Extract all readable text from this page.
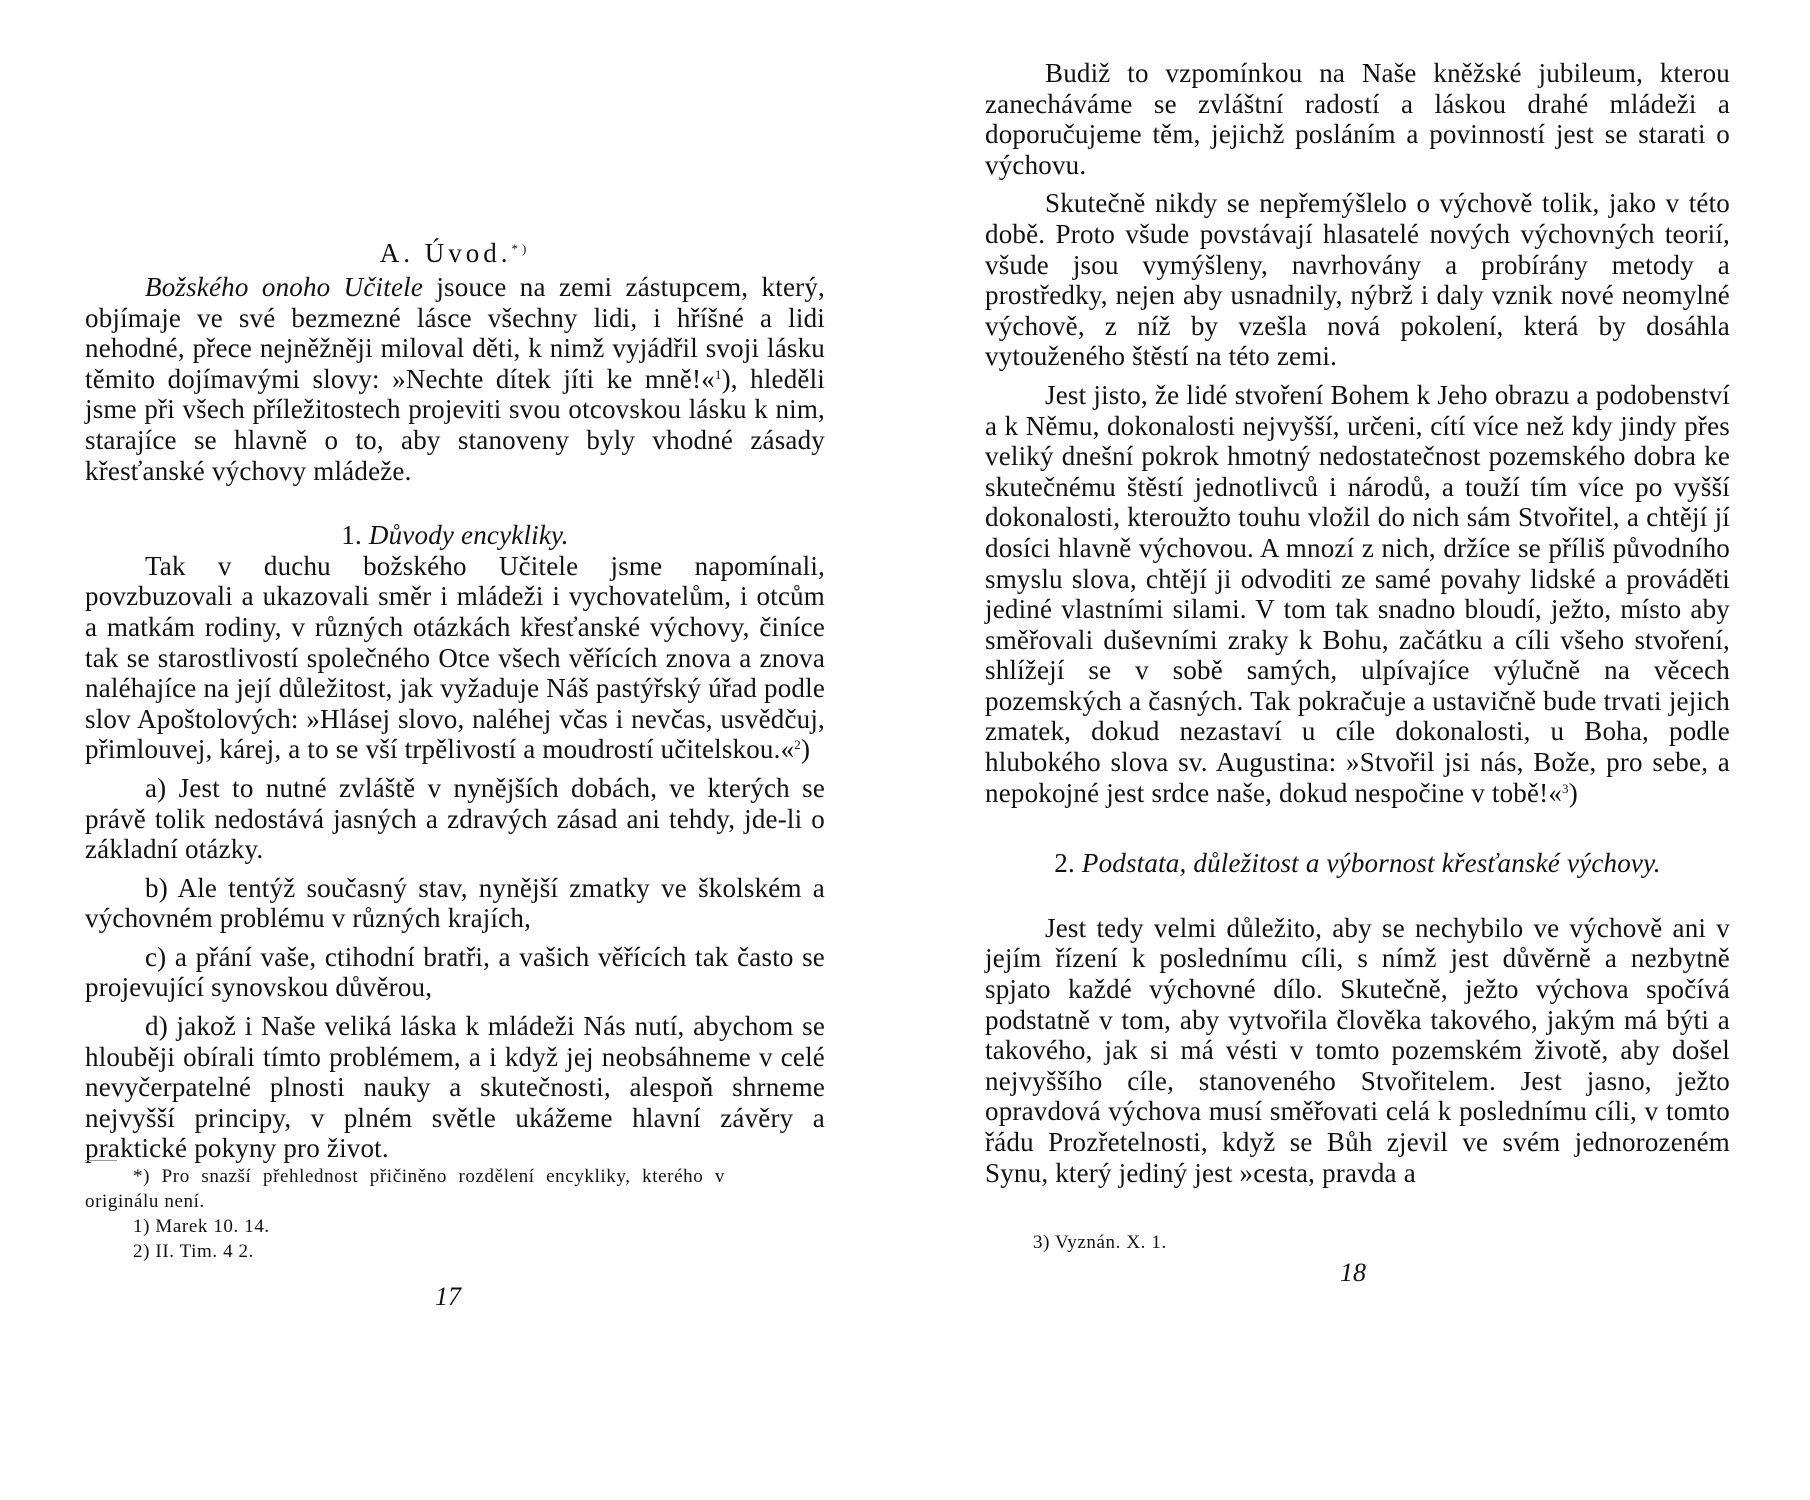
A. Úvod.*)

Božského onoho Učitele jsouce na zemi zástupcem, který, objímaje ve své bezmezné lásce všechny lidi, i hříšné a lidi nehodné, přece nejněžněji miloval děti, k nimž vyjádřil svoji lásku těmito dojímavými slovy: »Nechte dítek jíti ke mně!«$^1$), hleděli jsme při všech příležitostech projeviti svou otcovskou lásku k nim, starajíce se hlavně o to, aby stanoveny byly vhodné zásady křesťanské výchovy mládeže.

1. Důvody encykliky.

Tak v duchu božského Učitele jsme napomínali, povzbuzovali a ukazovali směr i mládeži i vychovatelům, i otcům a matkám rodiny, v různých otázkách křesťanské výchovy, činíce tak se starostlivostí společného Otce všech věřících znova a znova naléhajíce na její důležitost, jak vyžaduje Náš pastýřský úřad podle slov Apoštolových: »Hlásej slovo, naléhej včas i nevčas, usvědčuj, přimlouvej, kárej, a to se vší trpělivostí a moudrostí učitelskou.«$^2$)

a) Jest to nutné zvláště v nynějších dobách, ve kterých se právě tolik nedostává jasných a zdravých zásad ani tehdy, jde-li o základní otázky.

b) Ale tentýž současný stav, nynější zmatky ve školském a výchovném problému v různých krajích,

c) a přání vaše, ctihodní bratři, a vašich věřících tak často se projevující synovskou důvěrou,

d) jakož i Naše veliká láska k mládeži Nás nutí, abychom se hlouběji obírali tímto problémem, a i když jej neobsáhneme v celé nevyčerpatelné plnosti nauky a skutečnosti, alespoň shrneme nejvyšší principy, v plném světle ukážeme hlavní závěry a praktické pokyny pro život.

*) Pro snazší přehlednost přičiněno rozdělení encykliky, kterého v originálu není.
1) Marek 10. 14.
2) II. Tim. 4 2.
17

Budiž to vzpomínkou na Naše kněžské jubileum, kterou zanecháváme se zvláštní radostí a láskou drahé mládeži a doporučujeme těm, jejichž posláním a povinností jest se starati o výchovu.

Skutečně nikdy se nepřemýšlelo o výchově tolik, jako v této době. Proto všude povstávají hlasatelé nových výchovných teorií, všude jsou vymýšleny, navrhovány a probírány metody a prostředky, nejen aby usnadnily, nýbrž i daly vznik nové neomylné výchově, z níž by vzešla nová pokolení, která by dosáhla vytouženého štěstí na této zemi.

Jest jisto, že lidé stvoření Bohem k Jeho obrazu a podobenství a k Němu, dokonalosti nejvyšší, určeni, cítí více než kdy jindy přes veliký dnešní pokrok hmotný nedostatečnost pozemského dobra ke skutečnému štěstí jednotlivců i národů, a touží tím více po vyšší dokonalosti, kteroužto touhu vložil do nich sám Stvořitel, a chtějí jí dosíci hlavně výchovou. A mnozí z nich, držíce se příliš původního smyslu slova, chtějí ji odvoditi ze samé povahy lidské a prováděti jediné vlastními silami. V tom tak snadno bloudí, ježto, místo aby směřovali duševními zraky k Bohu, začátku a cíli všeho stvoření, shlížejí se v sobě samých, ulpívajíce výlučně na věcech pozemských a časných. Tak pokračuje a ustavičně bude trvati jejich zmatek, dokud nezastaví u cíle dokonalosti, u Boha, podle hlubokého slova sv. Augustina: »Stvořil jsi nás, Bože, pro sebe, a nepokojné jest srdce naše, dokud nespočine v tobě!«$^3$)

2. Podstata, důležitost a výbornost křesťanské výchovy.

Jest tedy velmi důležito, aby se nechybilo ve výchově ani v jejím řízení k poslednímu cíli, s nímž jest důvěrně a nezbytně spjato každé výchovné dílo. Skutečně, ježto výchova spočívá podstatně v tom, aby vytvořila člověka takového, jakým má býti a takového, jak si má vésti v tomto pozemském životě, aby došel nejvyššího cíle, stanoveného Stvořitelem. Jest jasno, ježto opravdová výchova musí směřovati celá k poslednímu cíli, v tomto řádu Prozřetelnosti, když se Bůh zjevil ve svém jednorozeném Synu, který jediný jest »cesta, pravda a

3) Vyznán. X. 1.
18
